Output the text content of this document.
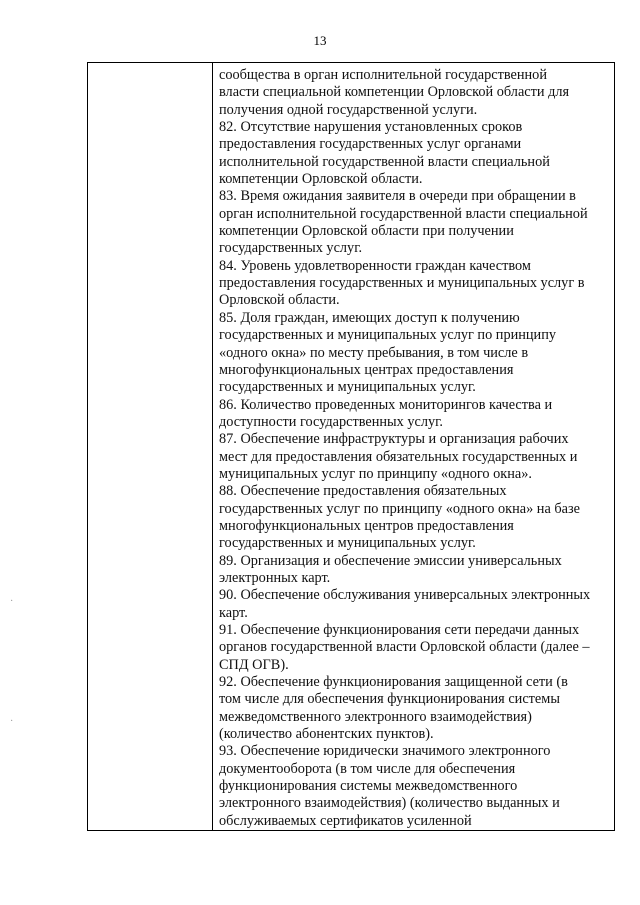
13
сообщества в орган исполнительной государственной
власти специальной компетенции Орловской области для
получения одной государственной услуги.
82. Отсутствие нарушения установленных сроков
предоставления государственных услуг органами
исполнительной государственной власти специальной
компетенции Орловской области.
83. Время ожидания заявителя в очереди при обращении в
орган исполнительной государственной власти специальной
компетенции Орловской области при получении
государственных услуг.
84. Уровень удовлетворенности граждан качеством
предоставления государственных и муниципальных услуг в
Орловской области.
85. Доля граждан, имеющих доступ к получению
государственных и муниципальных услуг по принципу
«одного окна» по месту пребывания, в том числе в
многофункциональных центрах предоставления
государственных и муниципальных услуг.
86. Количество проведенных мониторингов качества и
доступности государственных услуг.
87. Обеспечение инфраструктуры и организация рабочих
мест для предоставления обязательных государственных и
муниципальных услуг по принципу «одного окна».
88. Обеспечение предоставления обязательных
государственных услуг по принципу «одного окна» на базе
многофункциональных центров предоставления
государственных и муниципальных услуг.
89. Организация и обеспечение эмиссии универсальных
электронных карт.
90. Обеспечение обслуживания универсальных электронных
карт.
91. Обеспечение функционирования сети передачи данных
органов государственной власти Орловской области (далее –
СПД ОГВ).
92. Обеспечение функционирования защищенной сети (в
том числе для обеспечения функционирования системы
межведомственного электронного взаимодействия)
(количество абонентских пунктов).
93. Обеспечение юридически значимого электронного
документооборота (в том числе для обеспечения
функционирования системы межведомственного
электронного взаимодействия) (количество выданных и
обслуживаемых сертификатов усиленной
·
·
